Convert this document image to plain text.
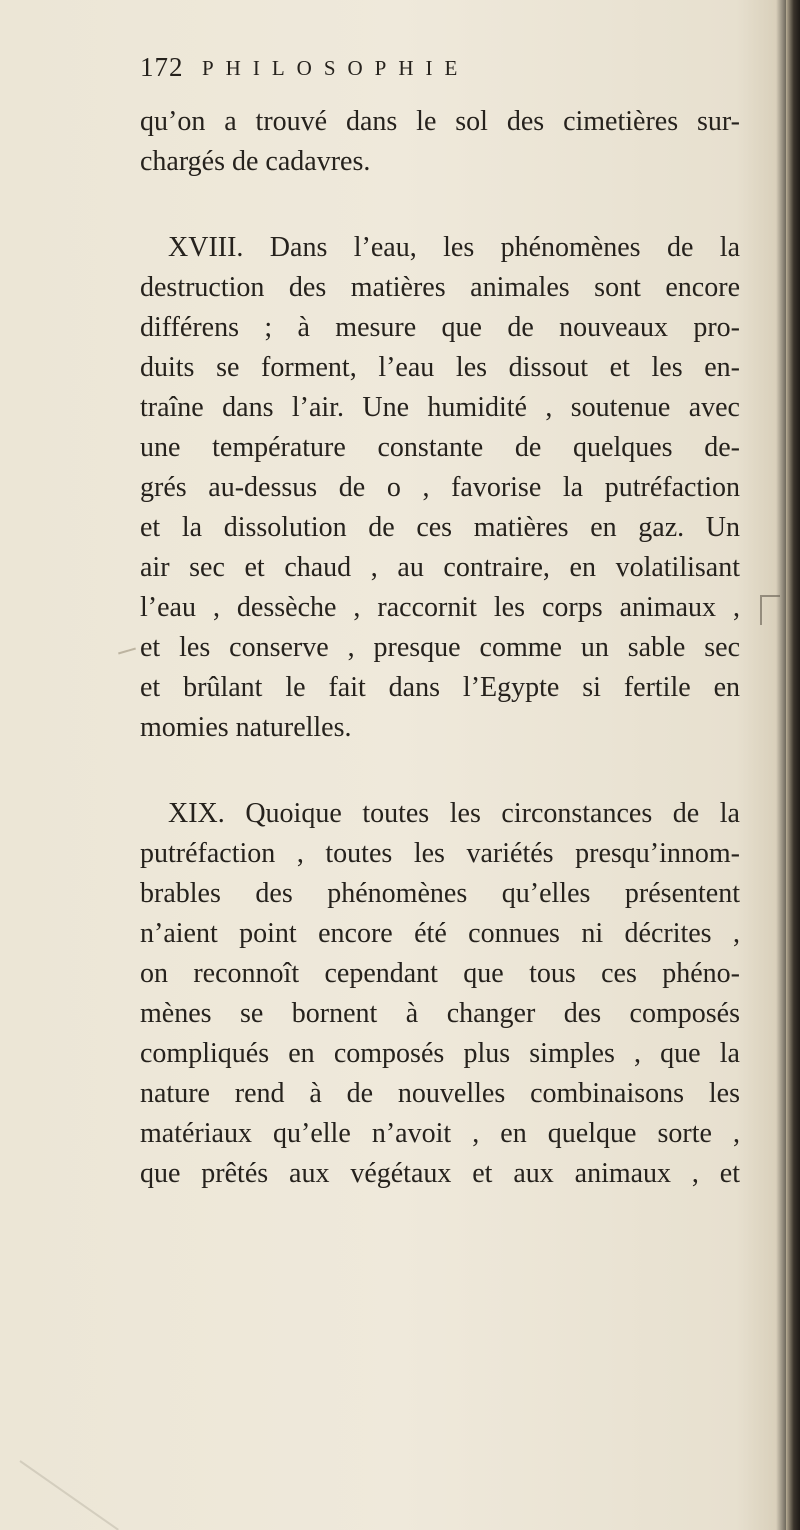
172 PHILOSOPHIE
qu’on a trouvé dans le sol des cimetières sur-
chargés de cadavres.
XVIII. Dans l’eau, les phénomènes de la
destruction des matières animales sont encore
différens ; à mesure que de nouveaux pro-
duits se forment, l’eau les dissout et les en-
traîne dans l’air. Une humidité , soutenue avec
une température constante de quelques de-
grés au-dessus de o , favorise la putréfaction
et la dissolution de ces matières en gaz. Un
air sec et chaud , au contraire, en volatilisant
l’eau , dessèche , raccornit les corps animaux ,
et les conserve , presque comme un sable sec
et brûlant le fait dans l’Egypte si fertile en
momies naturelles.
XIX. Quoique toutes les circonstances de la
putréfaction , toutes les variétés presqu’innom-
brables des phénomènes qu’elles présentent
n’aient point encore été connues ni décrites ,
on reconnoît cependant que tous ces phéno-
mènes se bornent à changer des composés
compliqués en composés plus simples , que la
nature rend à de nouvelles combinaisons les
matériaux qu’elle n’avoit , en quelque sorte ,
que prêtés aux végétaux et aux animaux , et
